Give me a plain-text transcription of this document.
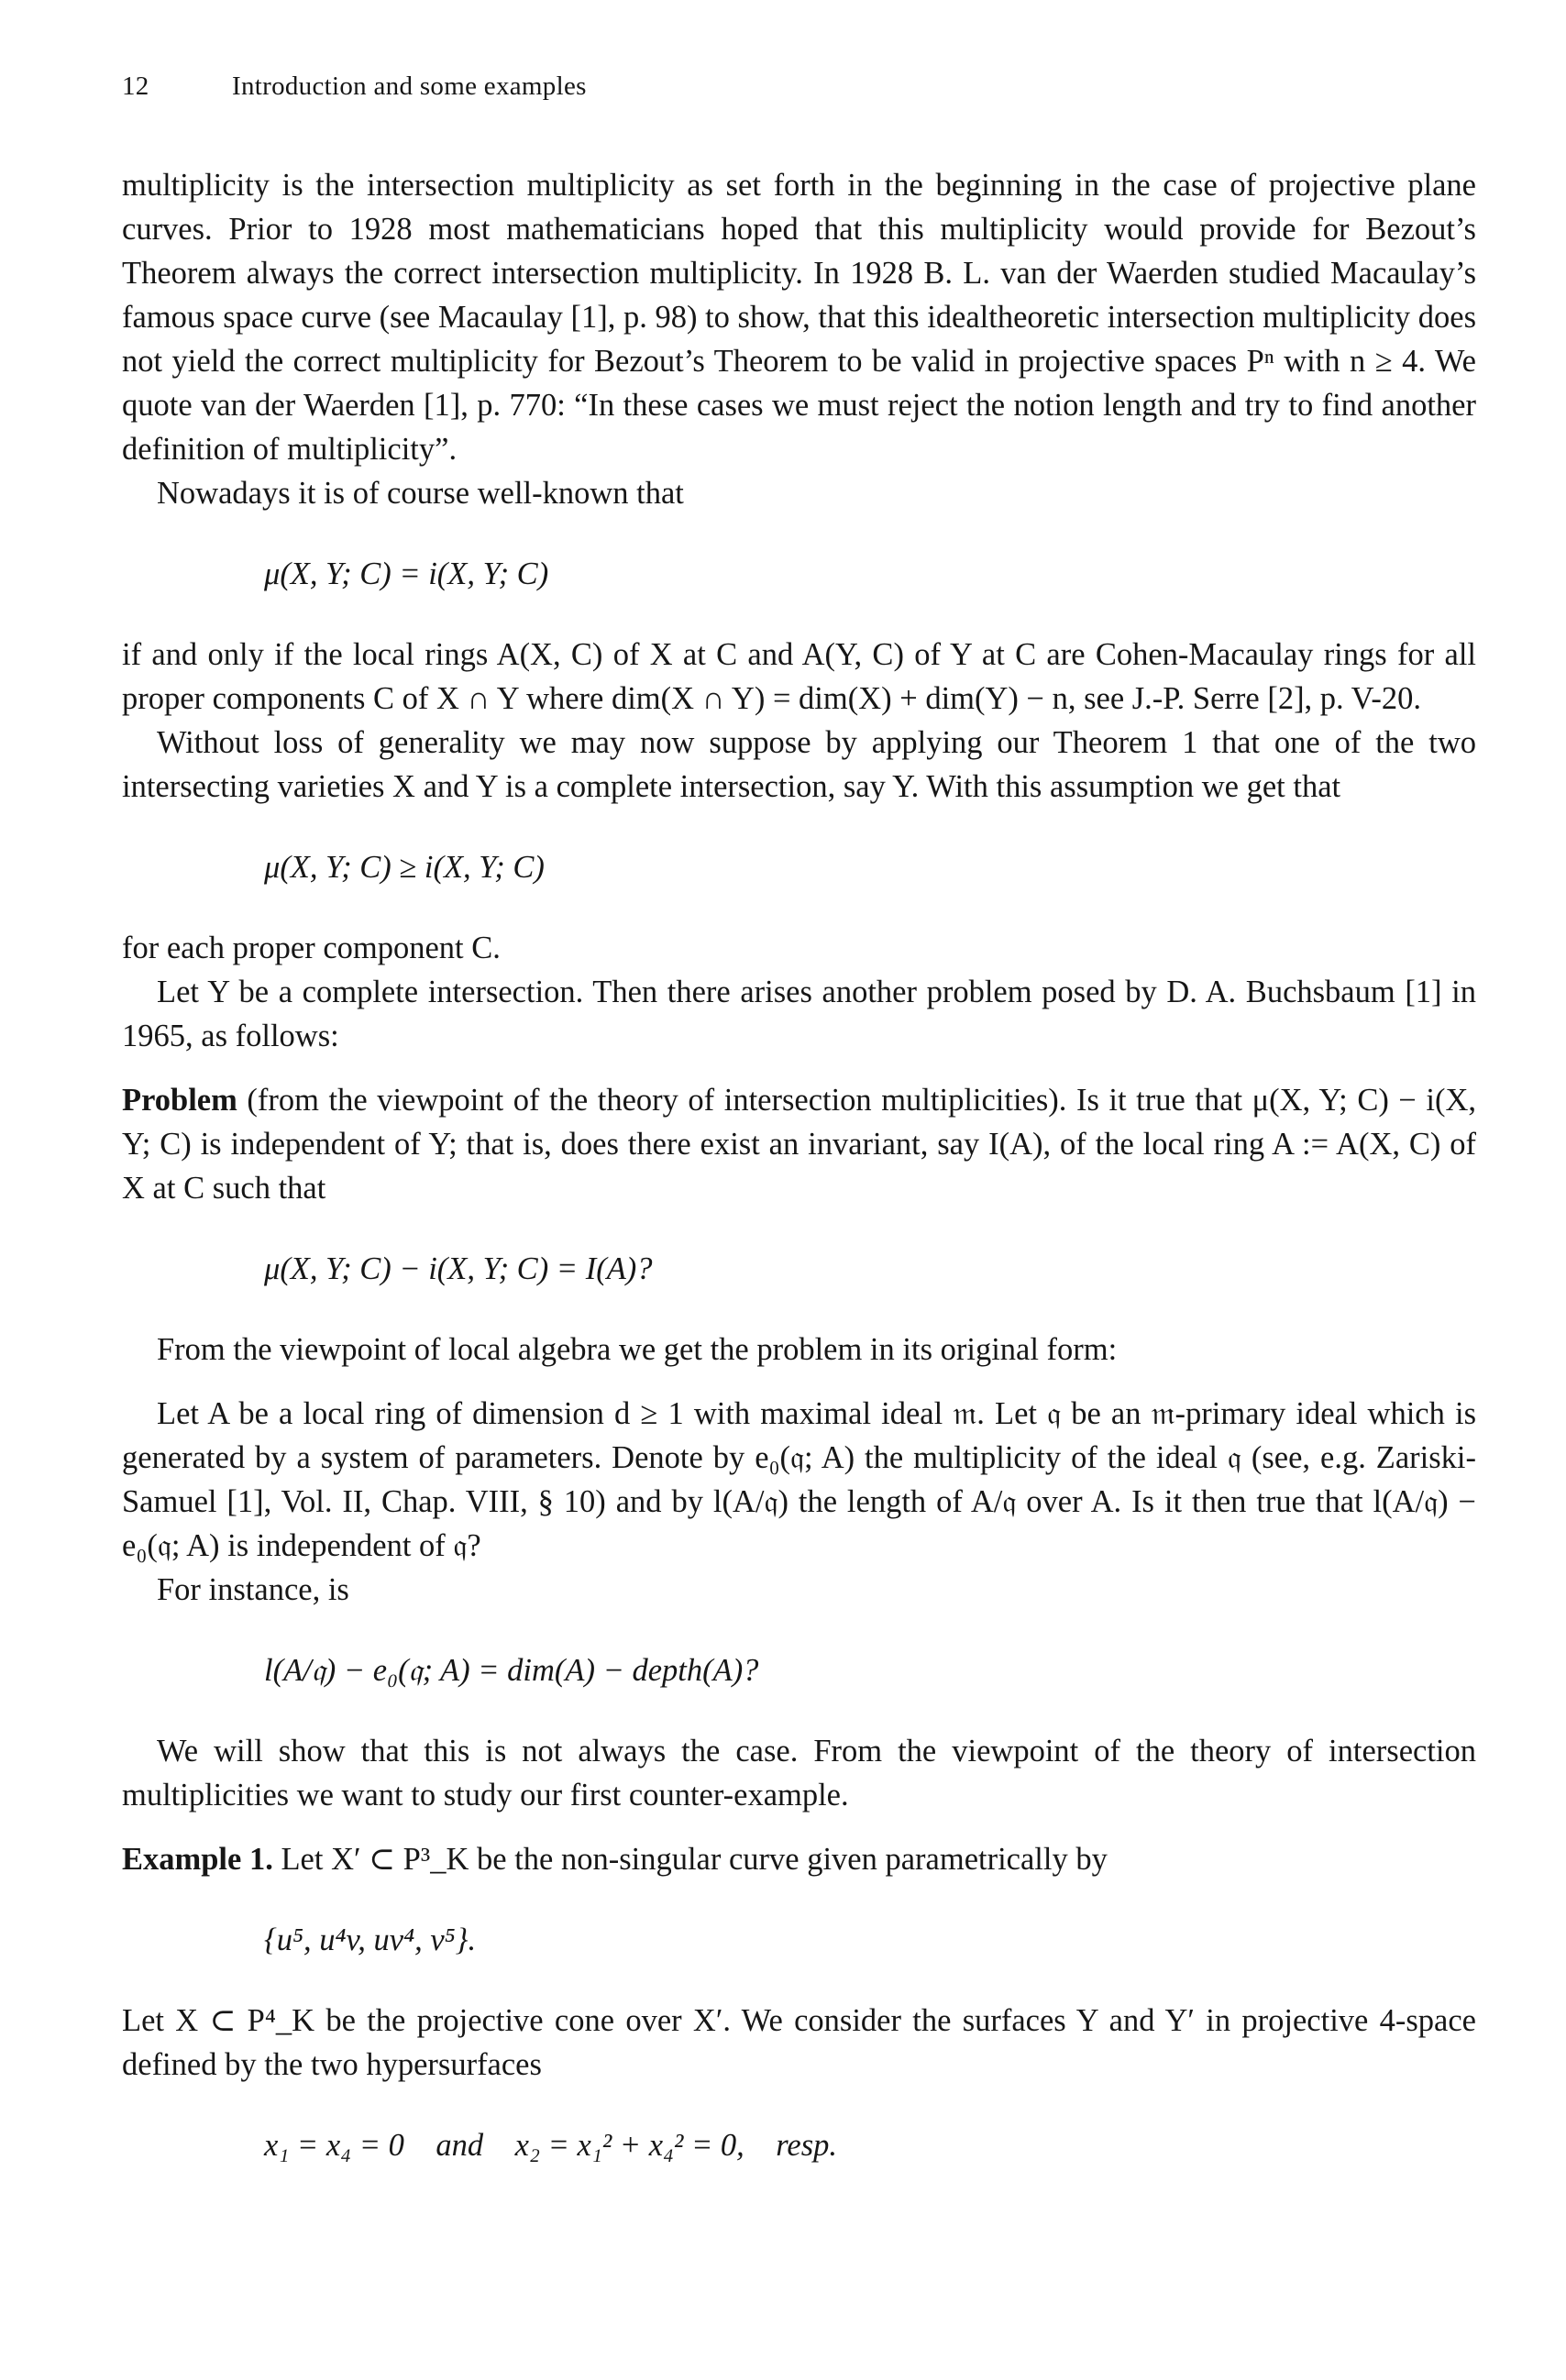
12	Introduction and some examples

multiplicity is the intersection multiplicity as set forth in the beginning in the case of projective plane curves. Prior to 1928 most mathematicians hoped that this multiplicity would provide for Bezout’s Theorem always the correct intersection multiplicity. In 1928 B. L. van der Waerden studied Macaulay’s famous space curve (see Macaulay [1], p. 98) to show, that this idealtheoretic intersection multiplicity does not yield the correct multiplicity for Bezout’s Theorem to be valid in projective spaces Pⁿ with n ≥ 4. We quote van der Waerden [1], p. 770: “In these cases we must reject the notion length and try to find another definition of multiplicity”.

Nowadays it is of course well-known that

μ(X, Y; C) = i(X, Y; C)

if and only if the local rings A(X, C) of X at C and A(Y, C) of Y at C are Cohen-Macaulay rings for all proper components C of X ∩ Y where dim(X ∩ Y) = dim(X) + dim(Y) − n, see J.-P. Serre [2], p. V-20.

Without loss of generality we may now suppose by applying our Theorem 1 that one of the two intersecting varieties X and Y is a complete intersection, say Y. With this assumption we get that

μ(X, Y; C) ≥ i(X, Y; C)

for each proper component C.

Let Y be a complete intersection. Then there arises another problem posed by D. A. Buchsbaum [1] in 1965, as follows:

Problem (from the viewpoint of the theory of intersection multiplicities). Is it true that μ(X, Y; C) − i(X, Y; C) is independent of Y; that is, does there exist an invariant, say I(A), of the local ring A := A(X, C) of X at C such that

μ(X, Y; C) − i(X, Y; C) = I(A)?

From the viewpoint of local algebra we get the problem in its original form:

Let A be a local ring of dimension d ≥ 1 with maximal ideal 𝔪. Let 𝔮 be an 𝔪-primary ideal which is generated by a system of parameters. Denote by e₀(𝔮; A) the multiplicity of the ideal 𝔮 (see, e.g. Zariski-Samuel [1], Vol. II, Chap. VIII, § 10) and by l(A/𝔮) the length of A/𝔮 over A. Is it then true that l(A/𝔮) − e₀(𝔮; A) is independent of 𝔮?

For instance, is

l(A/𝔮) − e₀(𝔮; A) = dim(A) − depth(A)?

We will show that this is not always the case. From the viewpoint of the theory of intersection multiplicities we want to study our first counter-example.

Example 1. Let X′ ⊂ P³_K be the non-singular curve given parametrically by

{u⁵, u⁴v, uv⁴, v⁵}.

Let X ⊂ P⁴_K be the projective cone over X′. We consider the surfaces Y and Y′ in projective 4-space defined by the two hypersurfaces

x₁ = x₄ = 0    and    x₂ = x₁² + x₄² = 0,    resp.
